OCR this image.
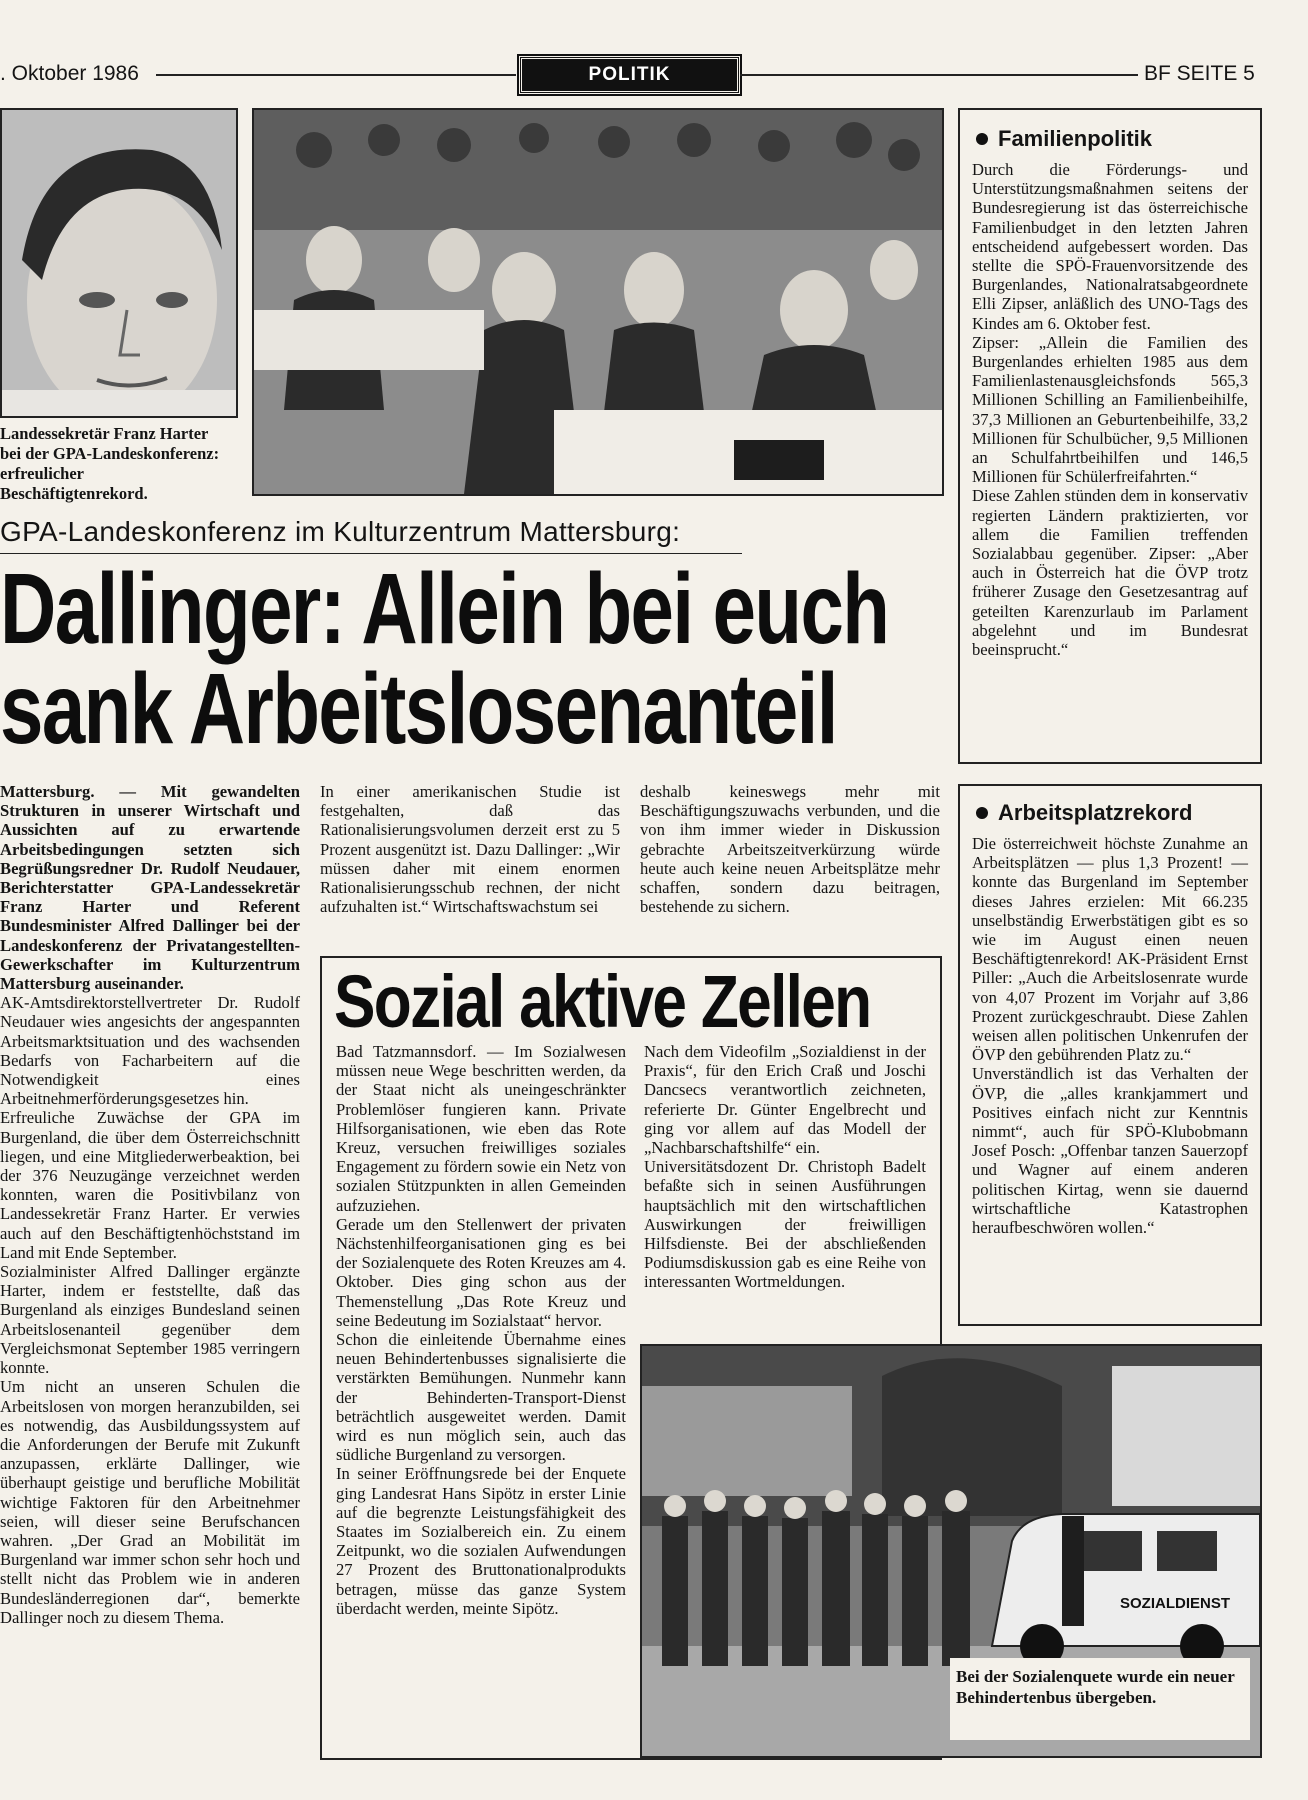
. Oktober 1986	POLITIK	BF SEITE 5
Landessekretär Franz Harter bei der GPA-Landeskonferenz: erfreulicher Beschäftigtenrekord.
GPA-Landeskonferenz im Kulturzentrum Mattersburg:
Dallinger: Allein bei euch
sank Arbeitslosenanteil
Mattersburg. — Mit gewandelten Strukturen in unserer Wirtschaft und Aussichten auf zu erwartende Arbeitsbedingungen setzten sich Begrüßungsredner Dr. Rudolf Neudauer, Berichterstatter GPA-Landessekretär Franz Harter und Referent Bundesminister Alfred Dallinger bei der Landeskonferenz der Privatangestellten-Gewerkschafter im Kulturzentrum Mattersburg auseinander.
AK-Amtsdirektorstellvertreter Dr. Rudolf Neudauer wies angesichts der angespannten Arbeitsmarktsituation und des wachsenden Bedarfs von Facharbeitern auf die Notwendigkeit eines Arbeitnehmerförderungsgesetzes hin.
Erfreuliche Zuwächse der GPA im Burgenland, die über dem Österreichschnitt liegen, und eine Mitgliederwerbeaktion, bei der 376 Neuzugänge verzeichnet werden konnten, waren die Positivbilanz von Landessekretär Franz Harter. Er verwies auch auf den Beschäftigtenhöchststand im Land mit Ende September.
Sozialminister Alfred Dallinger ergänzte Harter, indem er feststellte, daß das Burgenland als einziges Bundesland seinen Arbeitslosenanteil gegenüber dem Vergleichsmonat September 1985 verringern konnte.
Um nicht an unseren Schulen die Arbeitslosen von morgen heranzubilden, sei es notwendig, das Ausbildungssystem auf die Anforderungen der Berufe mit Zukunft anzupassen, erklärte Dallinger, wie überhaupt geistige und berufliche Mobilität wichtige Faktoren für den Arbeitnehmer seien, will dieser seine Berufschancen wahren. „Der Grad an Mobilität im Burgenland war immer schon sehr hoch und stellt nicht das Problem wie in anderen Bundesländerregionen dar“, bemerkte Dallinger noch zu diesem Thema.
In einer amerikanischen Studie ist festgehalten, daß das Rationalisierungsvolumen derzeit erst zu 5 Prozent ausgenützt ist. Dazu Dallinger: „Wir müssen daher mit einem enormen Rationalisierungsschub rechnen, der nicht aufzuhalten ist.“ Wirtschaftswachstum sei
deshalb keineswegs mehr mit Beschäftigungszuwachs verbunden, und die von ihm immer wieder in Diskussion gebrachte Arbeitszeitverkürzung würde heute auch keine neuen Arbeitsplätze mehr schaffen, sondern dazu beitragen, bestehende zu sichern.
Familienpolitik
Durch die Förderungs- und Unterstützungsmaßnahmen seitens der Bundesregierung ist das österreichische Familienbudget in den letzten Jahren entscheidend aufgebessert worden. Das stellte die SPÖ-Frauenvorsitzende des Burgenlandes, Nationalratsabgeordnete Elli Zipser, anläßlich des UNO-Tags des Kindes am 6. Oktober fest.
Zipser: „Allein die Familien des Burgenlandes erhielten 1985 aus dem Familienlastenausgleichsfonds 565,3 Millionen Schilling an Familienbeihilfe, 37,3 Millionen an Geburtenbeihilfe, 33,2 Millionen für Schulbücher, 9,5 Millionen an Schulfahrtbeihilfen und 146,5 Millionen für Schülerfreifahrten.“
Diese Zahlen stünden dem in konservativ regierten Ländern praktizierten, vor allem die Familien treffenden Sozialabbau gegenüber. Zipser: „Aber auch in Österreich hat die ÖVP trotz früherer Zusage den Gesetzesantrag auf geteilten Karenzurlaub im Parlament abgelehnt und im Bundesrat beeinsprucht.“
Arbeitsplatzrekord
Die österreichweit höchste Zunahme an Arbeitsplätzen — plus 1,3 Prozent! — konnte das Burgenland im September dieses Jahres erzielen: Mit 66.235 unselbständig Erwerbstätigen gibt es so wie im August einen neuen Beschäftigtenrekord! AK-Präsident Ernst Piller: „Auch die Arbeitslosenrate wurde von 4,07 Prozent im Vorjahr auf 3,86 Prozent zurückgeschraubt. Diese Zahlen weisen allen politischen Unkenrufen der ÖVP den gebührenden Platz zu.“
Unverständlich ist das Verhalten der ÖVP, die „alles krankjammert und Positives einfach nicht zur Kenntnis nimmt“, auch für SPÖ-Klubobmann Josef Posch: „Offenbar tanzen Sauerzopf und Wagner auf einem anderen politischen Kirtag, wenn sie dauernd wirtschaftliche Katastrophen heraufbeschwören wollen.“
Sozial aktive Zellen
Bad Tatzmannsdorf. — Im Sozialwesen müssen neue Wege beschritten werden, da der Staat nicht als uneingeschränkter Problemlöser fungieren kann. Private Hilfsorganisationen, wie eben das Rote Kreuz, versuchen freiwilliges soziales Engagement zu fördern sowie ein Netz von sozialen Stützpunkten in allen Gemeinden aufzuziehen.
Gerade um den Stellenwert der privaten Nächstenhilfeorganisationen ging es bei der Sozialenquete des Roten Kreuzes am 4. Oktober. Dies ging schon aus der Themenstellung „Das Rote Kreuz und seine Bedeutung im Sozialstaat“ hervor.
Schon die einleitende Übernahme eines neuen Behindertenbusses signalisierte die verstärkten Bemühungen. Nunmehr kann der Behinderten-Transport-Dienst beträchtlich ausgeweitet werden. Damit wird es nun möglich sein, auch das südliche Burgenland zu versorgen.
In seiner Eröffnungsrede bei der Enquete ging Landesrat Hans Sipötz in erster Linie auf die begrenzte Leistungsfähigkeit des Staates im Sozialbereich ein. Zu einem Zeitpunkt, wo die sozialen Aufwendungen 27 Prozent des Bruttonationalprodukts betragen, müsse das ganze System überdacht werden, meinte Sipötz.
Nach dem Videofilm „Sozialdienst in der Praxis“, für den Erich Craß und Joschi Dancsecs verantwortlich zeichneten, referierte Dr. Günter Engelbrecht und ging vor allem auf das Modell der „Nachbarschaftshilfe“ ein.
Universitätsdozent Dr. Christoph Badelt befaßte sich in seinen Ausführungen hauptsächlich mit den wirtschaftlichen Auswirkungen der freiwilligen Hilfsdienste. Bei der abschließenden Podiumsdiskussion gab es eine Reihe von interessanten Wortmeldungen.
SOZIALDIENST
Bei der Sozialenquete wurde ein neuer Behindertenbus übergeben.
